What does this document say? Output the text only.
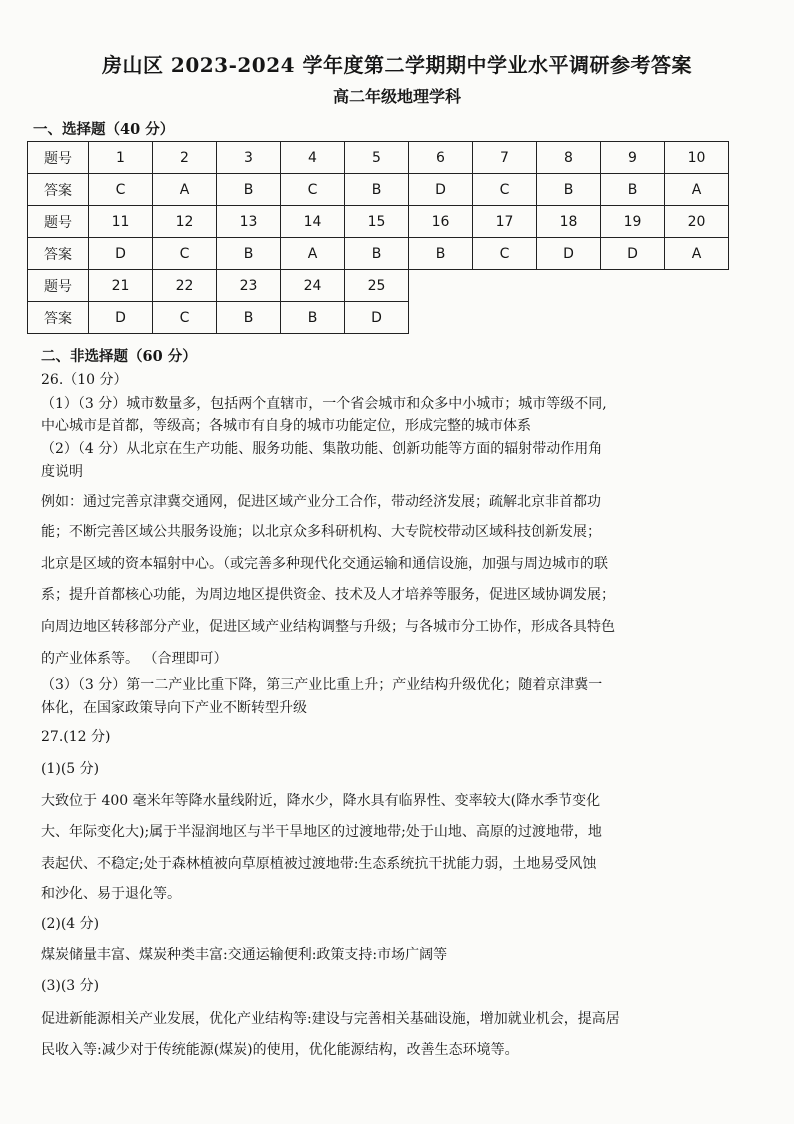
房山区 2023-2024 学年度第二学期期中学业水平调研参考答案
高二年级地理学科
一、选择题（40 分）
题号	1	2	3	4	5	6	7	8	9	10
答案	C	A	B	C	B	D	C	B	B	A
题号	11	12	13	14	15	16	17	18	19	20
答案	D	C	B	A	B	B	C	D	D	A
题号	21	22	23	24	25					
答案	D	C	B	B	D					
二、非选择题（60 分）
26.（10 分）
（1）（3 分）城市数量多，包括两个直辖市，一个省会城市和众多中小城市；城市等级不同,
中心城市是首都，等级高；各城市有自身的城市功能定位，形成完整的城市体系
（2）（4 分）从北京在生产功能、服务功能、集散功能、创新功能等方面的辐射带动作用角
度说明
例如：通过完善京津冀交通网，促进区域产业分工合作，带动经济发展；疏解北京非首都功
能；不断完善区域公共服务设施；以北京众多科研机构、大专院校带动区域科技创新发展；
北京是区域的资本辐射中心。（或完善多种现代化交通运输和通信设施，加强与周边城市的联
系；提升首都核心功能，为周边地区提供资金、技术及人才培养等服务，促进区域协调发展；
向周边地区转移部分产业，促进区域产业结构调整与升级；与各城市分工协作，形成各具特色
的产业体系等。 （合理即可）
（3）（3 分）第一二产业比重下降，第三产业比重上升；产业结构升级优化；随着京津冀一
体化，在国家政策导向下产业不断转型升级
27.(12 分)
(1)(5 分)
大致位于 400 毫米年等降水量线附近，降水少，降水具有临界性、变率较大(降水季节变化
大、年际变化大);属于半湿润地区与半干旱地区的过渡地带;处于山地、高原的过渡地带，地
表起伏、不稳定;处于森林植被向草原植被过渡地带:生态系统抗干扰能力弱，土地易受风蚀
和沙化、易于退化等。
(2)(4 分)
煤炭储量丰富、煤炭种类丰富:交通运输便利:政策支持:市场广阔等
(3)(3 分)
促进新能源相关产业发展，优化产业结构等:建设与完善相关基础设施，增加就业机会，提高居
民收入等:减少对于传统能源(煤炭)的使用，优化能源结构，改善生态环境等。
